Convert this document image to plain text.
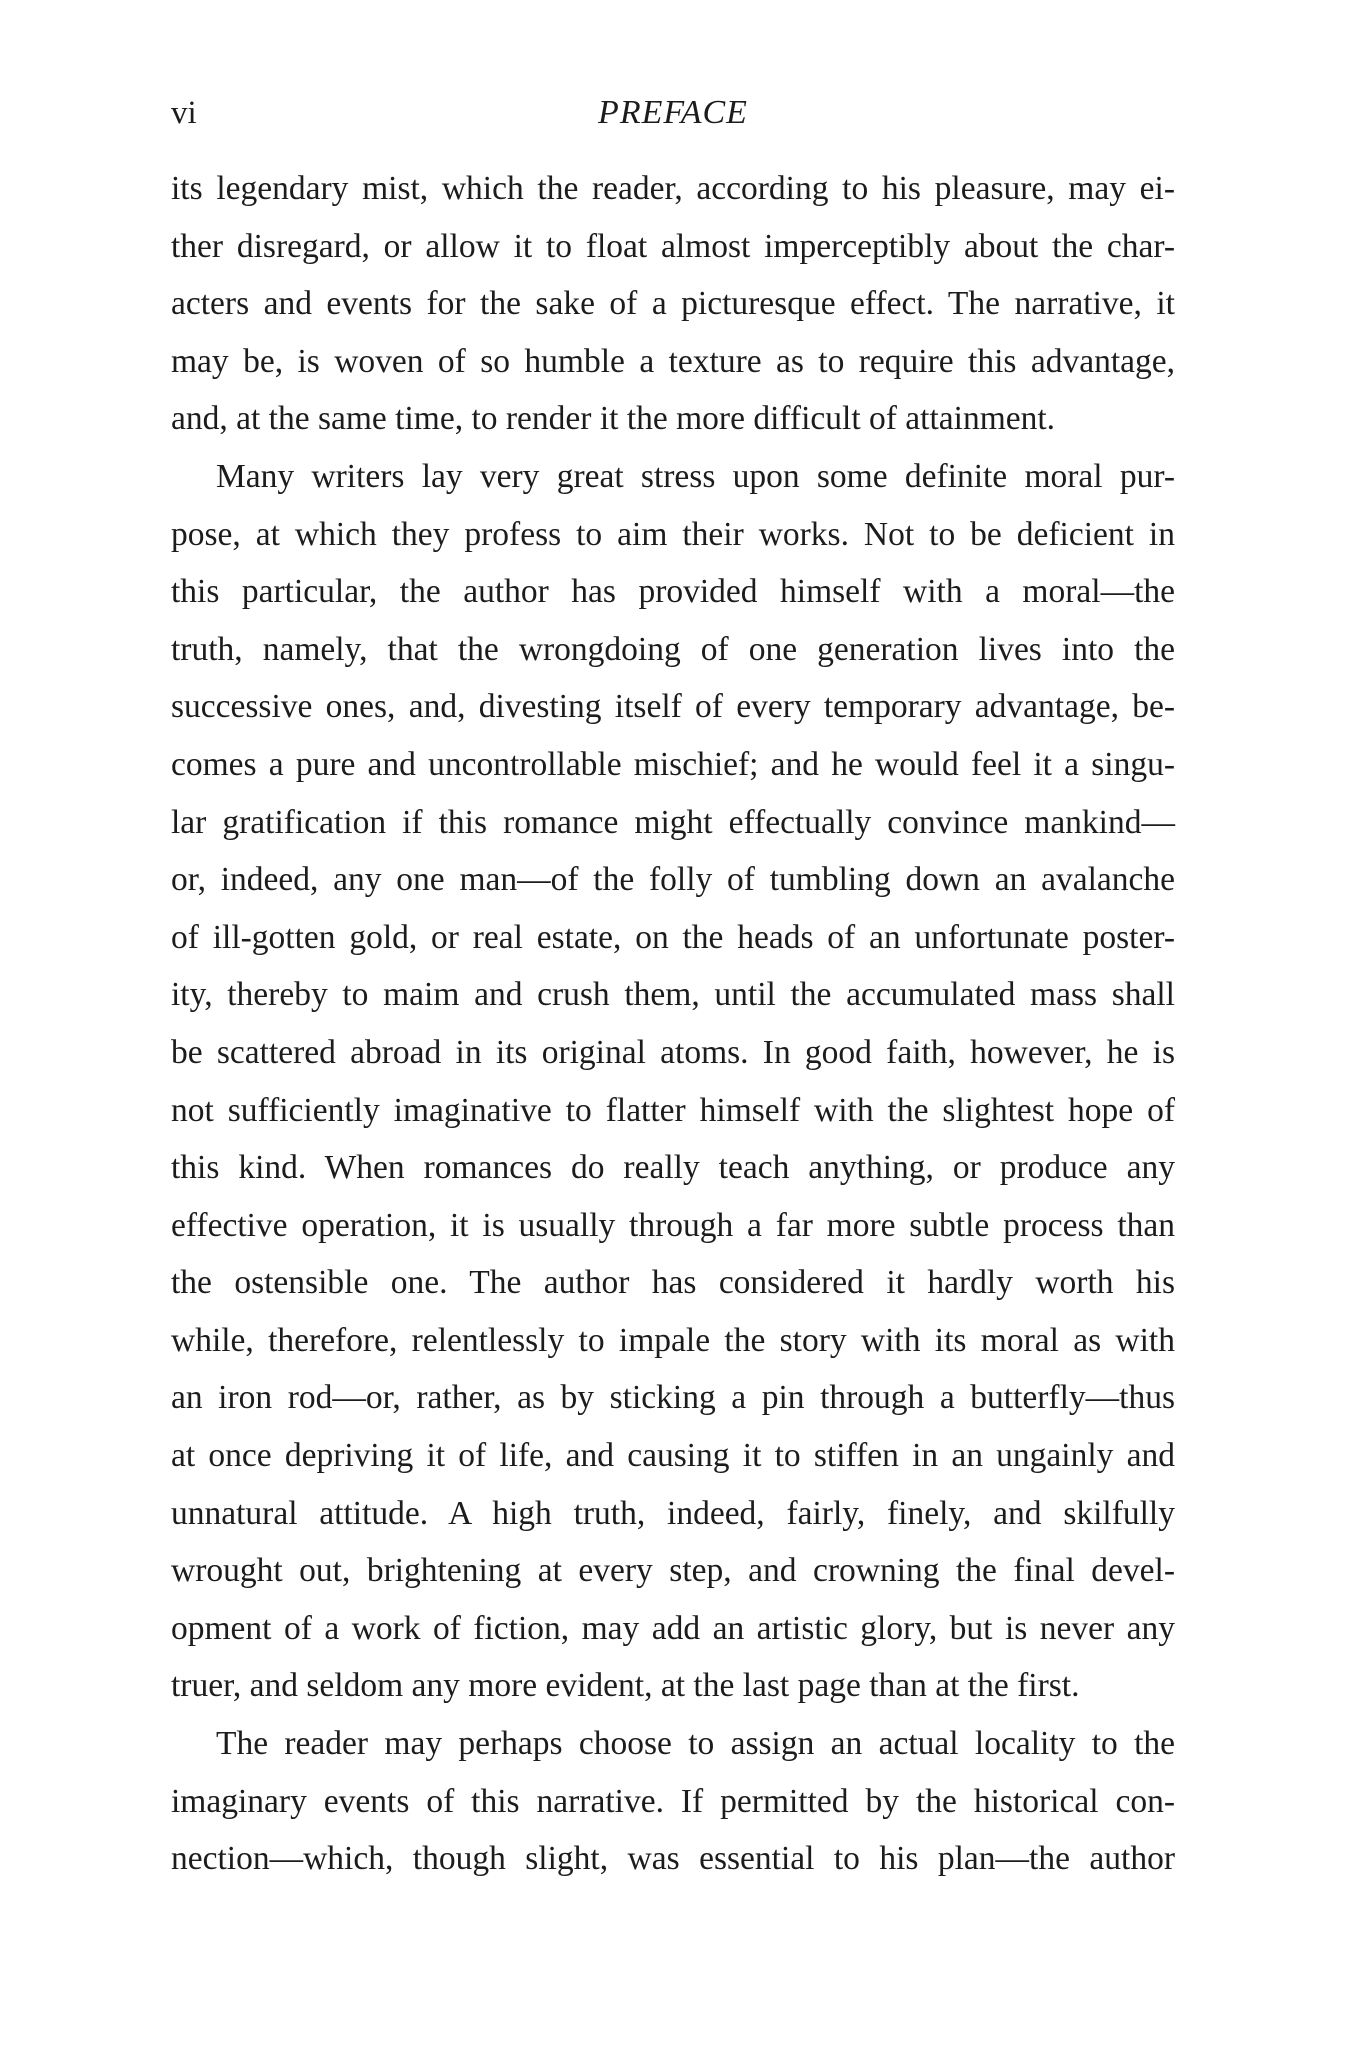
vi	PREFACE

its legendary mist, which the reader, according to his pleasure, may ei-
ther disregard, or allow it to float almost imperceptibly about the char-
acters and events for the sake of a picturesque effect. The narrative, it
may be, is woven of so humble a texture as to require this advantage,
and, at the same time, to render it the more difficult of attainment.

Many writers lay very great stress upon some definite moral pur-
pose, at which they profess to aim their works. Not to be deficient in
this particular, the author has provided himself with a moral—the
truth, namely, that the wrongdoing of one generation lives into the
successive ones, and, divesting itself of every temporary advantage, be-
comes a pure and uncontrollable mischief; and he would feel it a singu-
lar gratification if this romance might effectually convince mankind—
or, indeed, any one man—of the folly of tumbling down an avalanche
of ill-gotten gold, or real estate, on the heads of an unfortunate poster-
ity, thereby to maim and crush them, until the accumulated mass shall
be scattered abroad in its original atoms. In good faith, however, he is
not sufficiently imaginative to flatter himself with the slightest hope of
this kind. When romances do really teach anything, or produce any
effective operation, it is usually through a far more subtle process than
the ostensible one. The author has considered it hardly worth his
while, therefore, relentlessly to impale the story with its moral as with
an iron rod—or, rather, as by sticking a pin through a butterfly—thus
at once depriving it of life, and causing it to stiffen in an ungainly and
unnatural attitude. A high truth, indeed, fairly, finely, and skilfully
wrought out, brightening at every step, and crowning the final devel-
opment of a work of fiction, may add an artistic glory, but is never any
truer, and seldom any more evident, at the last page than at the first.

The reader may perhaps choose to assign an actual locality to the
imaginary events of this narrative. If permitted by the historical con-
nection—which, though slight, was essential to his plan—the author
